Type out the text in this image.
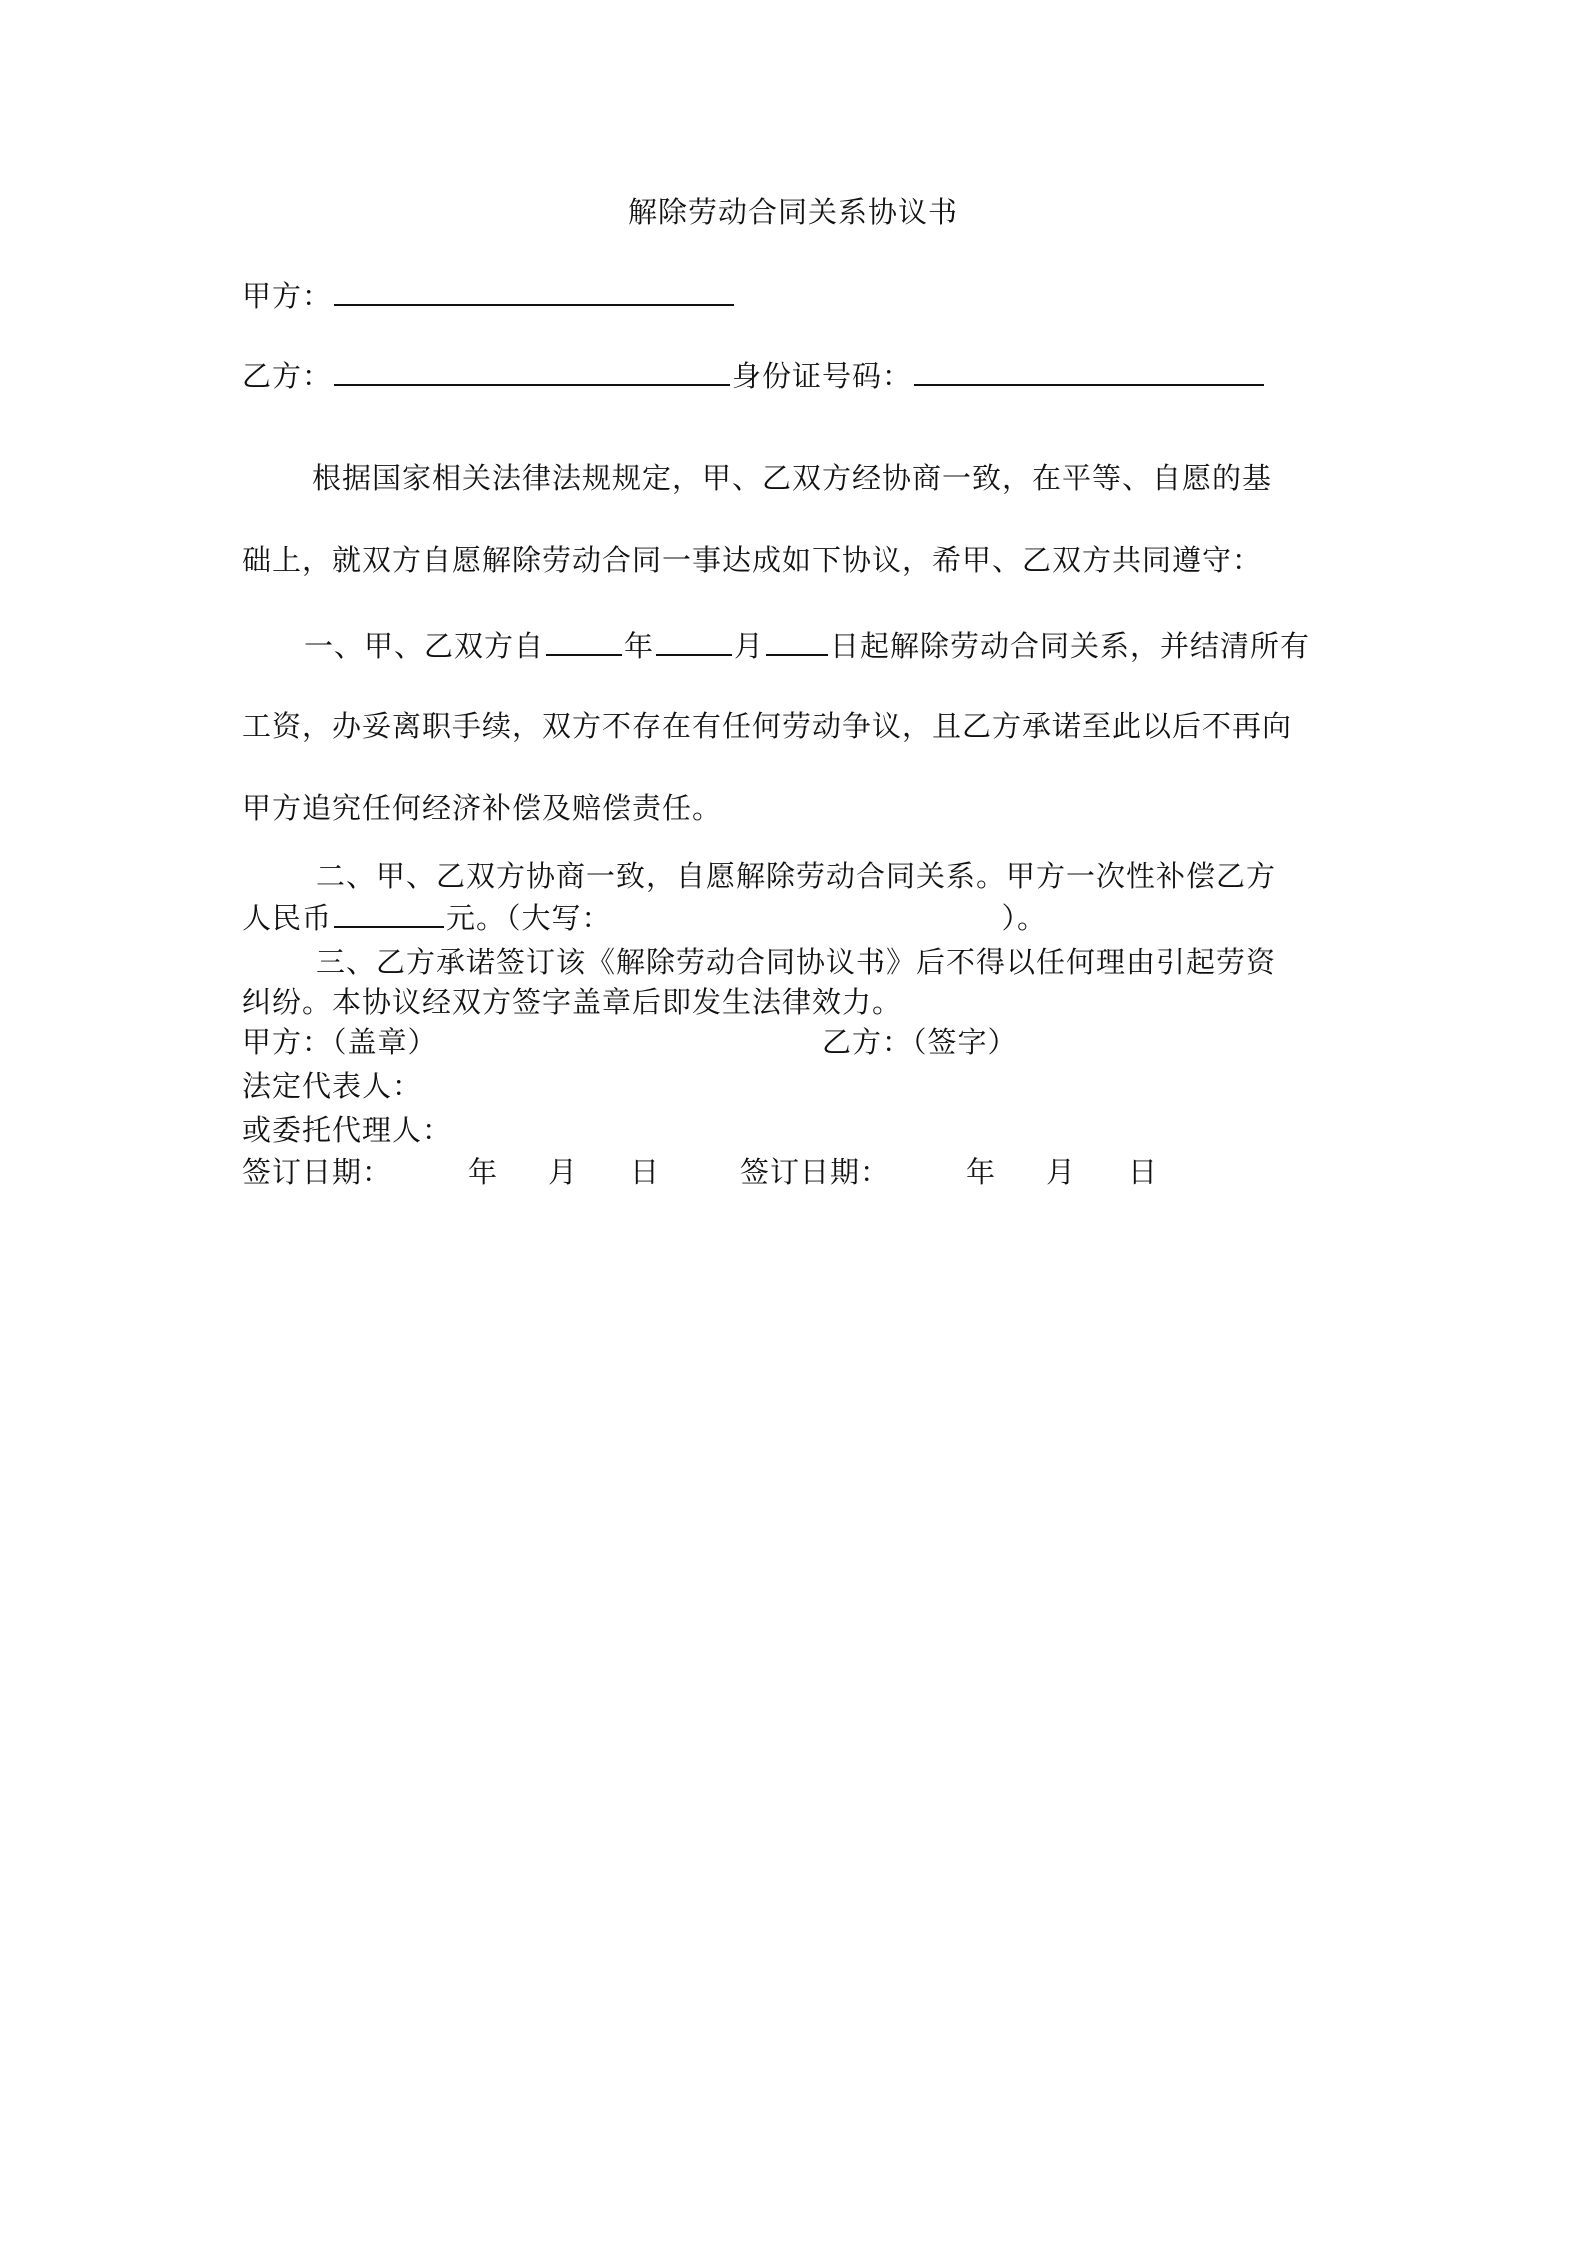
解除劳动合同关系协议书
甲方：
乙方：	身份证号码：
根据国家相关法律法规规定，甲、乙双方经协商一致，在平等、自愿的基
础上，就双方自愿解除劳动合同一事达成如下协议，希甲、乙双方共同遵守：
一、甲、乙双方自	年	月 日起解除劳动合同关系，并结清所有
工资，办妥离职手续，双方不存在有任何劳动争议，且乙方承诺至此以后不再向
甲方追究任何经济补偿及赔偿责任。
二、甲、乙双方协商一致，自愿解除劳动合同关系。甲方一次性补偿乙方
人民币	元。（大写：	）。
三、乙方承诺签订该《解除劳动合同协议书》后不得以任何理由引起劳资
纠纷。本协议经双方签字盖章后即发生法律效力。
甲方：（盖章）	乙方：（签字）
法定代表人：
或委托代理人：
签订日期：	年 月 日	签订日期：	年 月 日
